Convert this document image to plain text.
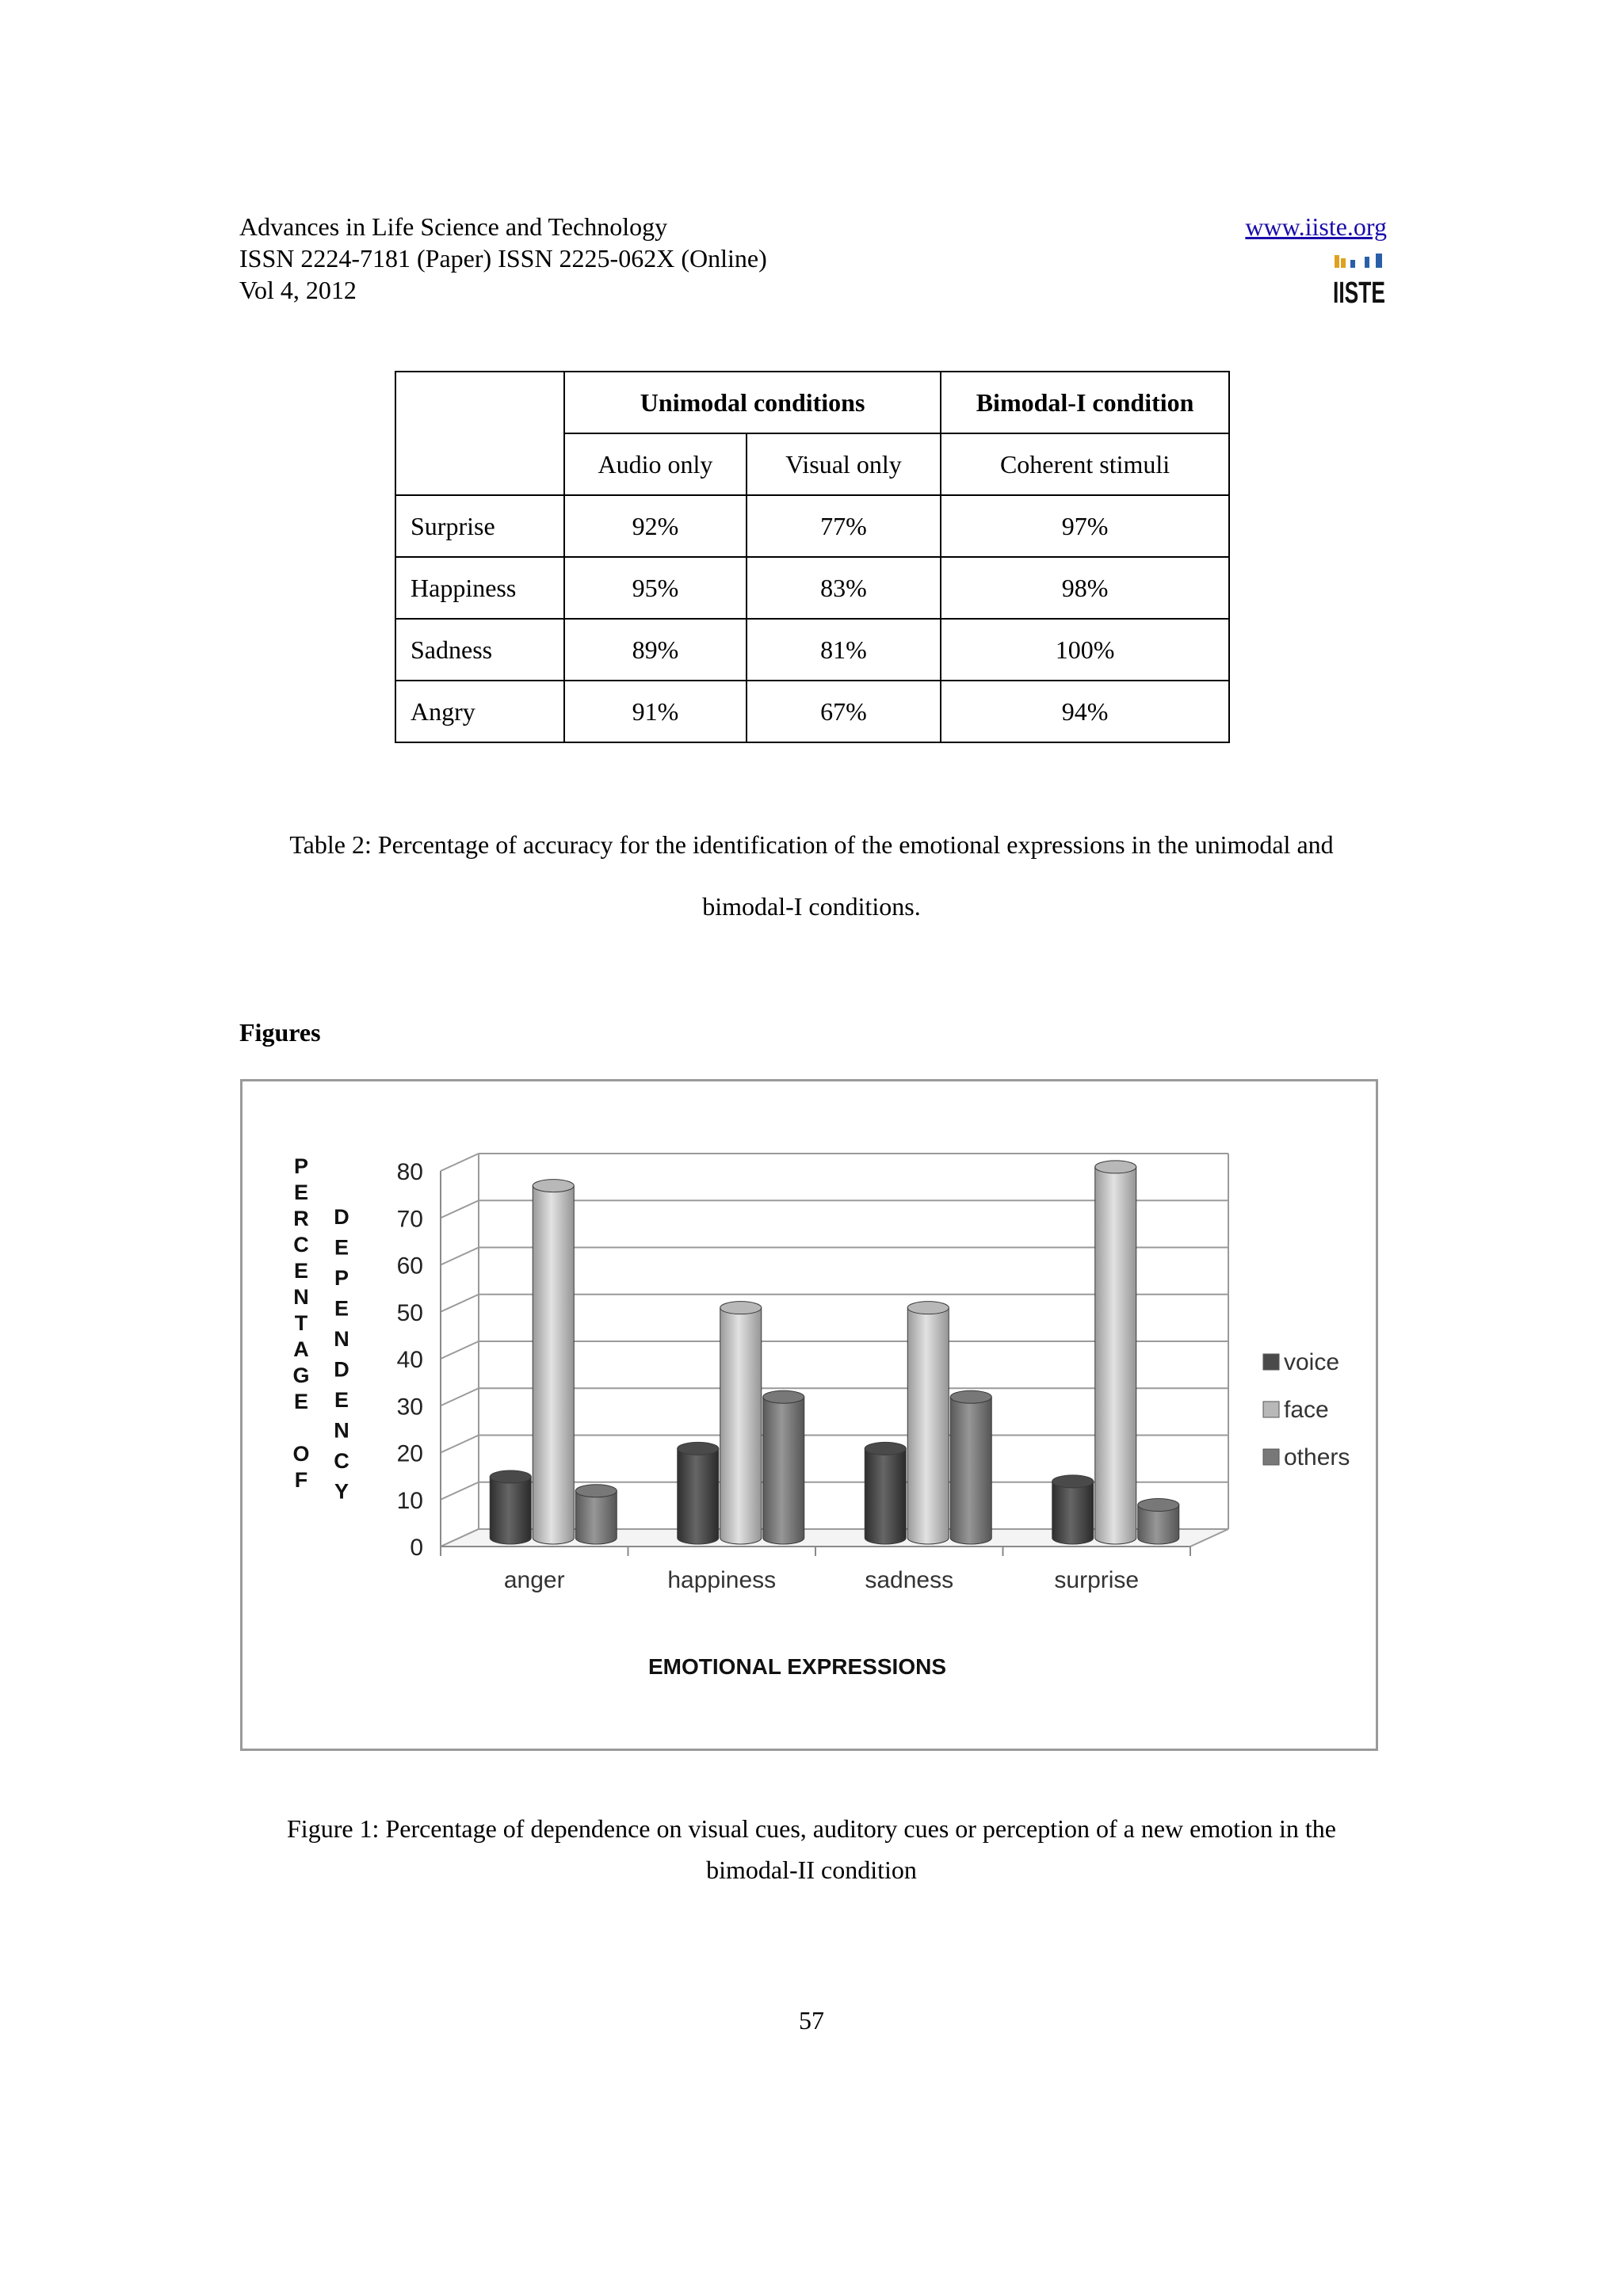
Advances in Life Science and Technology
ISSN 2224-7181 (Paper) ISSN 2225-062X (Online)
Vol 4, 2012
www.iiste.org
IISTE
	Unimodal conditions		Bimodal-I condition
	Audio only	Visual only	Coherent stimuli
Surprise	92%	77%	97%
Happiness	95%	83%	98%
Sadness	89%	81%	100%
Angry	91%	67%	94%
Table 2: Percentage of accuracy for the identification of the emotional expressions in the unimodal and
bimodal-I conditions.
Figures
0
10
20
30
40
50
60
70
80
anger	happiness	sadness	surprise
P
E
R
C
E
N
T
A
G
E
O
F
D
E
P
E
N
D
E
N
C
Y
EMOTIONAL EXPRESSIONS
voice
face
others
Figure 1: Percentage of dependence on visual cues, auditory cues or perception of a new emotion in the
bimodal-II condition
57
